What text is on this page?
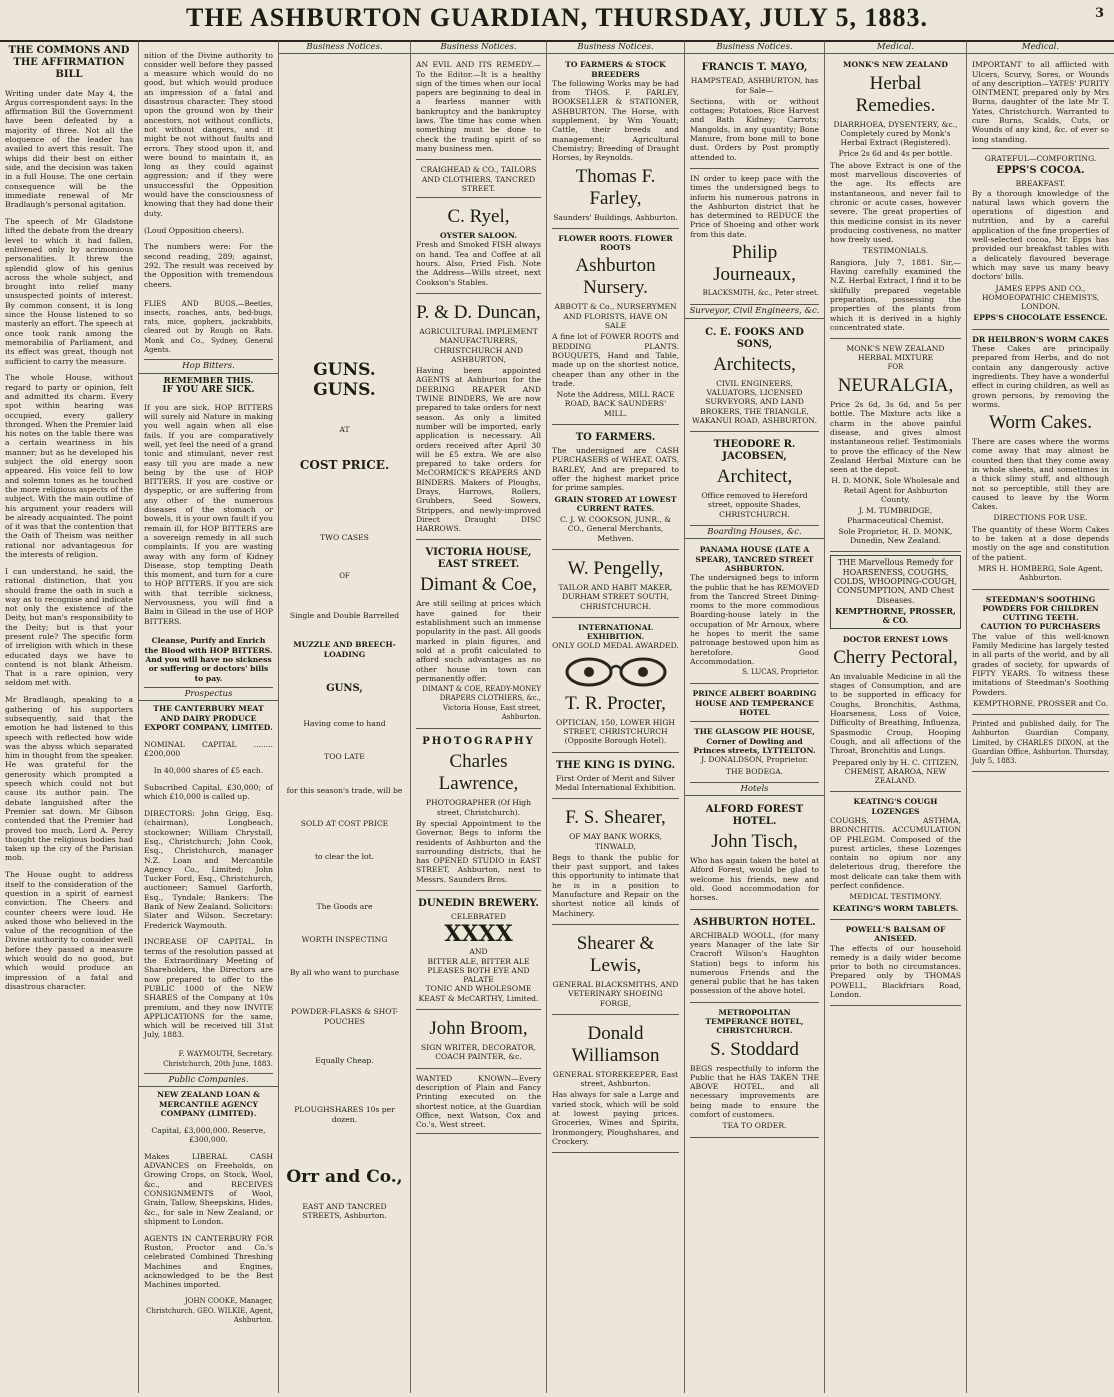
THE ASHBURTON GUARDIAN, THURSDAY, JULY 5, 1883.	3
THE COMMONS AND THE AFFIRMATION BILL

Writing under date May 4, the Argus correspondent says: In the affirmation Bill the Government have been defeated by a majority of three. Not all the eloquence of the leader has availed to avert this result. The whips did their best on either side, and the decision was taken in a full House. The one certain consequence will be the immediate renewal of Mr Bradlaugh's personal agitation.

The speech of Mr Gladstone lifted the debate from the dreary level to which it had fallen, enlivened only by acrimonious personalities. It threw the splendid glow of his genius across the whole subject, and brought into relief many unsuspected points of interest. By common consent, it is long since the House listened to so masterly an effort. The speech at once took rank among the memorabilia of Parliament, and its effect was great, though not sufficient to carry the measure.

The whole House, without regard to party or opinion, felt and admitted its charm. Every spot within hearing was occupied, every gallery thronged. When the Premier laid his notes on the table there was a certain weariness in his manner; but as he developed his subject the old energy soon appeared. His voice fell to low and solemn tones as he touched the more religious aspects of the subject. With the main outline of his argument your readers will be already acquainted. The point of it was that the contention that the Oath of Theism was neither rational nor advantageous for the interests of religion.

I can understand, he said, the rational distinction, that you should frame the oath in such a way as to recognise and indicate not only the existence of the Deity, but man's responsibility to the Deity; but is that your present rule? The specific form of irreligion with which in these educated days we have to contend is not blank Atheism. That is a rare opinion, very seldom met with.

Mr Bradlaugh, speaking to a gathering of his supporters subsequently, said that the emotion he had listened to this speech with reflected how wide was the abyss which separated him in thought from the speaker. He was grateful for the generosity which prompted a speech which could not but cause its author pain. The debate languished after the Premier sat down. Mr Gibson contended that the Premier had proved too much. Lord A. Percy thought the religious bodies had taken up the cry of the Parisian mob.

The House ought to address itself to the consideration of the question in a spirit of earnest conviction. The Cheers and counter cheers were loud. He asked those who believed in the value of the recognition of the Divine authority to consider well before they passed a measure which would do no good, but which would produce an impression of a fatal and disastrous character.

nition of the Divine authority to consider well before they passed a measure which would do no good, but which would produce an impression of a fatal and disastrous character. They stood upon the ground won by their ancestors, not without conflicts, not without dangers, and it might be not without faults and errors. They stood upon it, and were bound to maintain it, as long as they could against aggression; and if they were unsuccessful the Opposition would have the consciousness of knowing that they had done their duty.

(Loud Opposition cheers).

The numbers were: For the second reading, 289; against, 292. The result was received by the Opposition with tremendous cheers.

FLIES AND BUGS.—Beetles, insects, roaches, ants, bed-bugs, rats, mice, gophers, jackrabbits, cleared out by Rough on Rats. Monk and Co., Sydney, General Agents.
Hop Bitters.
REMEMBER THIS.
IF YOU ARE SICK.

If you are sick, HOP BITTERS will surely aid Nature in making you well again when all else fails. If you are comparatively well, yet feel the need of a grand tonic and stimulant, never rest easy till you are made a new being by the use of HOP BITTERS. If you are costive or dyspeptic, or are suffering from any other of the numerous diseases of the stomach or bowels, it is your own fault if you remain ill, for HOP BITTERS are a sovereign remedy in all such complaints. If you are wasting away with any form of Kidney Disease, stop tempting Death this moment, and turn for a cure to HOP BITTERS. If you are sick with that terrible sickness, Nervousness, you will find a Balm in Gilead in the use of HOP BITTERS.

Cleanse, Purify and Enrich the Blood with HOP BITTERS. And you will have no sickness or suffering or doctors' bills to pay.
Prospectus
THE CANTERBURY MEAT AND DAIRY PRODUCE EXPORT COMPANY, LIMITED.

NOMINAL CAPITAL ........ £200,000

In 40,000 shares of £5 each.

Subscribed Capital, £30,000; of which £10,000 is called up.

DIRECTORS: John Grigg, Esq. (chairman), Longbeach, stockowner; William Chrystall, Esq., Christchurch; John Cook, Esq., Christchurch, manager N.Z. Loan and Mercantile Agency Co., Limited; John Tucker Ford, Esq., Christchurch, auctioneer; Samuel Garforth, Esq., Tyndale; Bankers: The Bank of New Zealand. Solicitors: Slater and Wilson. Secretary: Frederick Waymouth.

INCREASE OF CAPITAL. In terms of the resolution passed at the Extraordinary Meeting of Shareholders, the Directors are now prepared to offer to the PUBLIC 1000 of the NEW SHARES of the Company at 10s premium, and they now INVITE APPLICATIONS for the same, which will be received till 31st July, 1883.

F. WAYMOUTH, Secretary. Christchurch, 20th June, 1883.
Public Companies.
NEW ZEALAND LOAN & MERCANTILE AGENCY COMPANY (LIMITED).

Capital, £3,000,000. Reserve, £300,000.

Makes LIBERAL CASH ADVANCES on Freeholds, on Growing Crops, on Stock, Wool, &c., and RECEIVES CONSIGNMENTS of Wool, Grain, Tallow, Sheepskins, Hides, &c., for sale in New Zealand, or shipment to London.

AGENTS IN CANTERBURY FOR Ruston, Proctor and Co.'s celebrated Combined Threshing Machines and Engines, acknowledged to be the Best Machines imported.

JOHN COOKE, Manager, Christchurch. GEO. WILKIE, Agent, Ashburton.

Business Notices.
GUNS. GUNS.
AT
COST PRICE.
TWO CASES
OF
Single and Double Barrelled
MUZZLE AND BREECH-LOADING
GUNS,
Having come to hand
TOO LATE
for this season's trade, will be
SOLD AT COST PRICE
to clear the lot.
The Goods are
WORTH INSPECTING
By all who want to purchase
POWDER-FLASKS & SHOT-POUCHES
Equally Cheap.
PLOUGHSHARES 10s per dozen.
Orr and Co.,
EAST AND TANCRED STREETS, Ashburton.
Business Notices.

AN EVIL AND ITS REMEDY.—To the Editor.—It is a healthy sign of the times when our local papers are beginning to deal in a fearless manner with bankruptcy and the bankruptcy laws. The time has come when something must be done to check the trading spirit of so many business men.

CRAIGHEAD & CO., TAILORS AND CLOTHIERS, TANCRED STREET.
C. Ryel,
OYSTER SALOON.

Fresh and Smoked FISH always on hand. Tea and Coffee at all hours. Also, Fried Fish. Note the Address—Wills street, next Cookson's Stables.

P. & D. Duncan,

AGRICULTURAL IMPLEMENT MANUFACTURERS, CHRISTCHURCH AND ASHBURTON,

Having been appointed AGENTS at Ashburton for the DEERING REAPER AND TWINE BINDERS, We are now prepared to take orders for next season. As only a limited number will be imported, early application is necessary. All orders received after April 30 will be £5 extra. We are also prepared to take orders for McCORMICK'S REAPERS AND BINDERS. Makers of Ploughs, Drays, Harrows, Rollers, Grubbers, Seed Sowers, Strippers, and newly-improved Direct Draught DISC HARROWS.

VICTORIA HOUSE, EAST STREET.
Dimant & Coe,

Are still selling at prices which have gained for their establishment such an immense popularity in the past. All goods marked in plain figures, and sold at a profit calculated to afford such advantages as no other house in town can permanently offer.

DIMANT & COE, READY-MONEY DRAPERS CLOTHIERS, &c., Victoria House, East street, Ashburton.

PHOTOGRAPHY
Charles Lawrence,

PHOTOGRAPHER (Of High street, Christchurch).

By special Appointment to the Governor, Begs to inform the residents of Ashburton and the surrounding districts, that he has OPENED STUDIO in EAST STREET, Ashburton, next to Messrs. Saunders Bros.

DUNEDIN BREWERY.
CELEBRATED
XXXX
AND
BITTER ALE, BITTER ALE
PLEASES BOTH EYE AND PALATE
TONIC AND WHOLESOME

KEAST & McCARTHY, Limited.

John Broom,

SIGN WRITER, DECORATOR, COACH PAINTER, &c.

WANTED KNOWN—Every description of Plain and Fancy Printing executed on the shortest notice, at the Guardian Office, next Watson, Cox and Co.'s, West street.
Business Notices.
TO FARMERS & STOCK BREEDERS

The following Works may be had from THOS. F. FARLEY, BOOKSELLER & STATIONER, ASHBURTON. The Horse, with supplement, by Wm Youatt; Cattle, their breeds and management; Agricultural Chemistry; Breeding of Draught Horses, by Reynolds.

Thomas F. Farley,

Saunders' Buildings, Ashburton.

FLOWER ROOTS. FLOWER ROOTS
Ashburton Nursery.

ABBOTT & Co., NURSERYMEN AND FLORISTS, HAVE ON SALE

A fine lot of FOWER ROOTS and BEDDING PLANTS. BOUQUETS, Hand and Table, made up on the shortest notice, cheaper than any other in the trade.

Note the Address, MILL RACE ROAD, BACK SAUNDERS' MILL.

TO FARMERS.

The undersigned are CASH PURCHASERS of WHEAT, OATS, BARLEY, And are prepared to offer the highest market price for prime samples.

GRAIN STORED AT LOWEST CURRENT RATES.

C. J. W. COOKSON, JUNR., & CO., General Merchants, Methven.

W. Pengelly,

TAILOR AND HABIT MAKER, DURHAM STREET SOUTH, CHRISTCHURCH.

INTERNATIONAL EXHIBITION.
ONLY GOLD MEDAL AWARDED.
T. R. Procter,

OPTICIAN, 150, LOWER HIGH STREET, CHRISTCHURCH (Opposite Borough Hotel).

THE KING IS DYING.

First Order of Merit and Silver Medal International Exhibition.

F. S. Shearer,

OF MAY BANK WORKS, TINWALD,

Begs to thank the public for their past support, and takes this opportunity to intimate that he is in a position to Manufacture and Repair on the shortest notice all kinds of Machinery.

Shearer & Lewis,

GENERAL BLACKSMITHS, AND VETERINARY SHOEING FORGE,

Donald Williamson

GENERAL STOREKEEPER, East street, Ashburton.

Has always for sale a Large and varied stock, which will be sold at lowest paying prices. Groceries, Wines and Spirits, Ironmongery, Ploughshares, and Crockery.

Business Notices.
FRANCIS T. MAYO,

HAMPSTEAD, ASHBURTON, has for Sale—

Sections, with or without cottages; Potatoes, Rice Harvest and Bath Kidney; Carrots; Mangolds, in any quantity; Bone Manure, from bone mill to bone dust. Orders by Post promptly attended to.

IN order to keep pace with the times the undersigned begs to inform his numerous patrons in the Ashburton district that he has determined to REDUCE the Price of Shoeing and other work from this date.

Philip Journeaux,

BLACKSMITH, &c., Peter street.

Surveyor, Civil Engineers, &c.
C. E. FOOKS AND SONS,
Architects,

CIVIL ENGINEERS, VALUATORS, LICENSED SURVEYORS, AND LAND BROKERS, THE TRIANGLE, WAKANUI ROAD, ASHBURTON.

THEODORE R. JACOBSEN,
Architect,

Office removed to Hereford street, opposite Shades, CHRISTCHURCH.

Boarding Houses, &c.
PANAMA HOUSE (LATE A SPEAR), TANCRED STREET ASHBURTON.

The undersigned begs to inform the public that he has REMOVED from the Tancred Street Dining-rooms to the more commodious Boarding-house lately in the occupation of Mr Arnoux, where he hopes to merit the same patronage bestowed upon him as heretofore. Good Accommodation.

S. LUCAS, Proprietor.

PRINCE ALBERT BOARDING HOUSE AND TEMPERANCE HOTEL
THE GLASGOW PIE HOUSE, Corner of Dowling and Princes streets, LYTTELTON.

J. DONALDSON, Proprietor.

THE BODEGA.

Hotels
ALFORD FOREST HOTEL.
John Tisch,

Who has again taken the hotel at Alford Forest, would be glad to welcome his friends, new and old. Good accommodation for horses.

ASHBURTON HOTEL.

ARCHIBALD WOOLL, (for many years Manager of the late Sir Cracroft Wilson's Haughton Station) begs to inform his numerous Friends and the general public that he has taken possession of the above hotel.

METROPOLITAN TEMPERANCE HOTEL, CHRISTCHURCH.
S. Stoddard

BEGS respectfully to inform the Public that he HAS TAKEN THE ABOVE HOTEL, and all necessary improvements are being made to ensure the comfort of customers.

TEA TO ORDER.

Medical.
MONK'S NEW ZEALAND
Herbal Remedies.

DIARRHOEA, DYSENTERY, &c., Completely cured by Monk's Herbal Extract (Registered).

Price 2s 6d and 4s per bottle.

The above Extract is one of the most marvellous discoveries of the age. Its effects are instantaneous, and never fail to chronic or acute cases, however severe. The great properties of this medicine consist in its never producing costiveness, no matter how freely used.

TESTIMONIALS.

Rangiora, July 7, 1881. Sir,—Having carefully examined the N.Z. Herbal Extract, I find it to be skilfully prepared vegetable preparation, possessing the properties of the plants from which it is derived in a highly concentrated state.

MONK'S NEW ZEALAND HERBAL MIXTURE
FOR
NEURALGIA,

Price 2s 6d, 3s 6d, and 5s per bottle. The Mixture acts like a charm in the above painful disease, and gives almost instantaneous relief. Testimonials to prove the efficacy of the New Zealand Herbal Mixture can be seen at the depot.

H. D. MONK, Sole Wholesale and Retail Agent for Ashburton County,

J. M. TUMBRIDGE, Pharmaceutical Chemist.

Sole Proprietor, H. D. MONK, Dunedin, New Zealand.

THE Marvellous Remedy for HOARSENESS, COUGHS, COLDS, WHOOPING-COUGH, CONSUMPTION, AND Chest Diseases.
KEMPTHORNE, PROSSER, & CO.
DOCTOR ERNEST LOWS
Cherry Pectoral,

An invaluable Medicine in all the stages of Consumption, and are to be supported in efficacy for Coughs, Bronchitis, Asthma, Hoarseness, Loss of Voice, Difficulty of Breathing, Influenza, Spasmodic Croup, Hooping Cough, and all affections of the Throat, Bronchitis and Lungs.

Prepared only by H. C. CITIZEN, CHEMIST, ARAROA, NEW ZEALAND.

KEATING'S COUGH LOZENGES

COUGHS, ASTHMA, BRONCHITIS. ACCUMULATION OF PHLEGM. Composed of the purest articles, these Lozenges contain no opium nor any deleterious drug, therefore the most delicate can take them with perfect confidence.

MEDICAL TESTIMONY.

KEATING'S WORM TABLETS.

POWELL'S BALSAM OF ANISEED.

The effects of our household remedy is a daily wider become prior to both no circumstances. Prepared only by THOMAS POWELL, Blackfriars Road, London.

Medical.
IMPORTANT to all afflicted with Ulcers, Scurvy, Sores, or Wounds of any description—YATES' PURITY OINTMENT, prepared only by Mrs Burns, daughter of the late Mr T. Yates, Christchurch. Warranted to cure Burns, Scalds, Cuts, or Wounds of any kind, &c. of ever so long standing.
GRATEFUL—COMFORTING.
EPPS'S COCOA.
BREAKFAST.

By a thorough knowledge of the natural laws which govern the operations of digestion and nutrition, and by a careful application of the fine properties of well-selected cocoa, Mr. Epps has provided our breakfast tables with a delicately flavoured beverage which may save us many heavy doctors' bills.

JAMES EPPS AND CO., HOMOEOPATHIC CHEMISTS, LONDON.

EPPS'S CHOCOLATE ESSENCE.

DR HEILBRON'S WORM CAKES

These Cakes are principally prepared from Herbs, and do not contain any dangerously active ingredients. They have a wonderful effect in curing children, as well as grown persons, by removing the worms.

Worm Cakes.

There are cases where the worms come away that may almost be counted then that they come away in whole sheets, and sometimes in a thick slimy stuff, and although not so perceptible, still they are caused to leave by the Worm Cakes.

DIRECTIONS FOR USE.

The quantity of these Worm Cakes to be taken at a dose depends mostly on the age and constitution of the patient.

MRS H. HOMBERG, Sole Agent, Ashburton.

STEEDMAN'S SOOTHING POWDERS FOR CHILDREN CUTTING TEETH.
CAUTION TO PURCHASERS

The value of this well-known Family Medicine has largely tested in all parts of the world, and by all grades of society, for upwards of FIFTY YEARS. To witness these imitations of Steedman's Soothing Powders.

KEMPTHORNE, PROSSER and Co.

Printed and published daily, for The Ashburton Guardian Company, Limited, by CHARLES DIXON, at the Guardian Office, Ashburton. Thursday, July 5, 1883.
